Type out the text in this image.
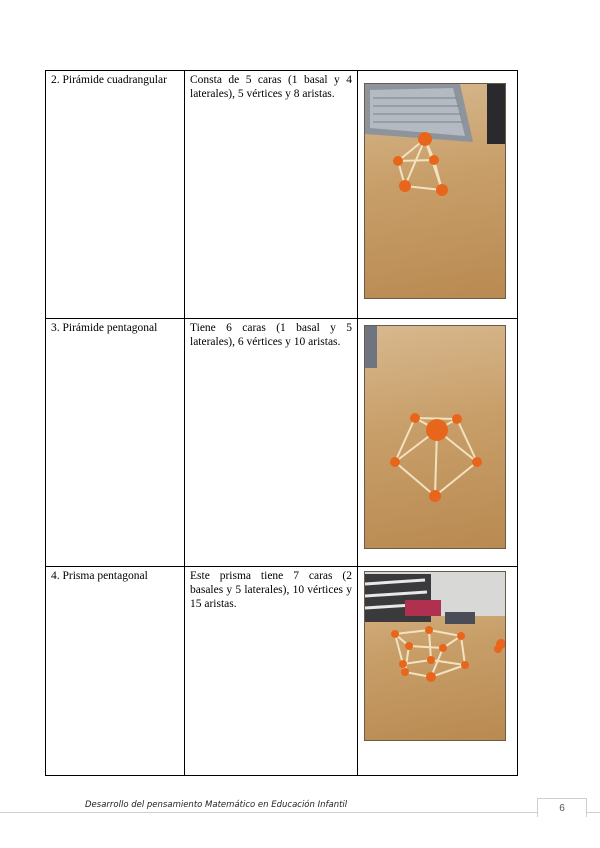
2. Pirámide cuadrangular	Consta de 5 caras (1 basal y 4 laterales), 5 vértices y 8 aristas.	

3. Pirámide pentagonal	Tiene 6 caras (1 basal y 5 laterales), 6 vértices y 10 aristas.	

4. Prisma pentagonal	Este prisma tiene 7 caras (2 basales y 5 laterales), 10 vértices y 15 aristas.	
Desarrollo del pensamiento Matemático en Educación Infantil	6
